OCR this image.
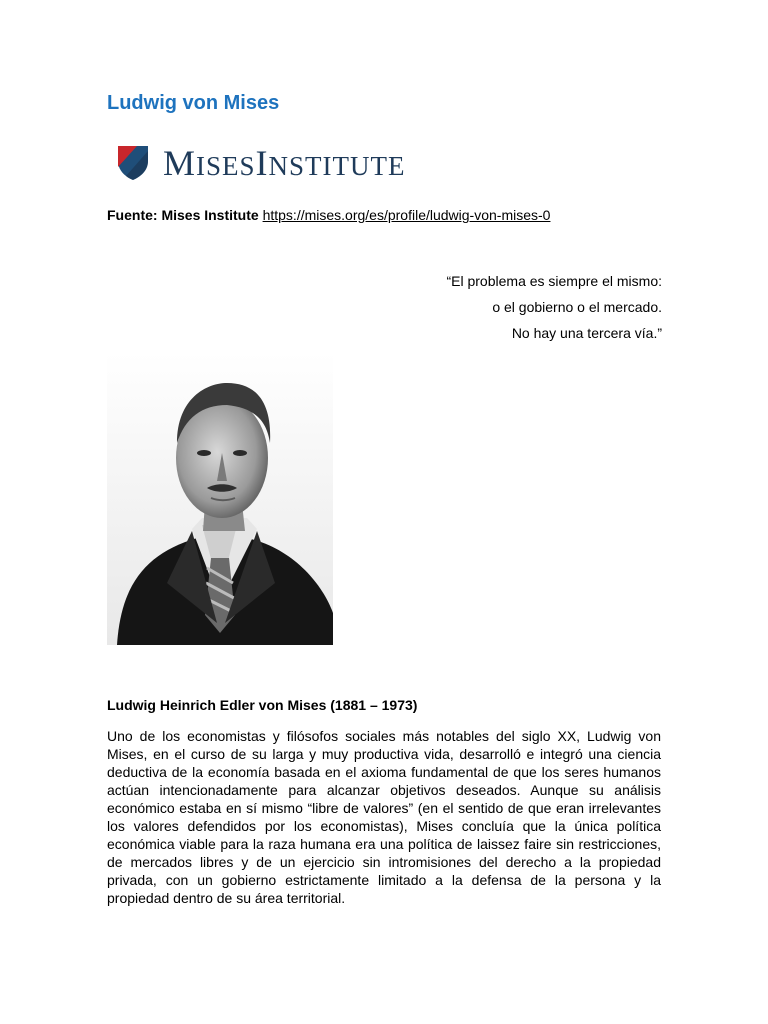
Ludwig von Mises
MISESINSTITUTE
Fuente: Mises Institute https://mises.org/es/profile/ludwig-von-mises-0
“El problema es siempre el mismo:
o el gobierno o el mercado.
No hay una tercera vía.”
Ludwig Heinrich Edler von Mises (1881 – 1973)

Uno de los economistas y filósofos sociales más notables del siglo XX, Ludwig von Mises, en el curso de su larga y muy productiva vida, desarrolló e integró una ciencia deductiva de la economía basada en el axioma fundamental de que los seres humanos actúan intencionadamente para alcanzar objetivos deseados. Aunque su análisis económico estaba en sí mismo “libre de valores” (en el sentido de que eran irrelevantes los valores defendidos por los economistas), Mises concluía que la única política económica viable para la raza humana era una política de laissez faire sin restricciones, de mercados libres y de un ejercicio sin intromisiones del derecho a la propiedad privada, con un gobierno estrictamente limitado a la defensa de la persona y la propiedad dentro de su área territorial.
